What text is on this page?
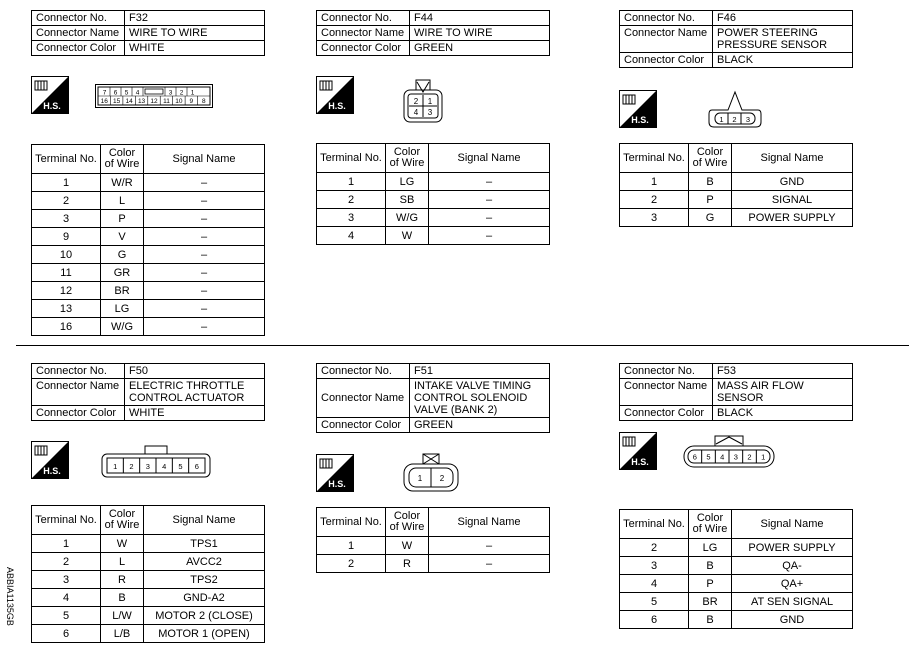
Connector No.	F32
Connector Name	WIRE TO WIRE
Connector Color	WHITE
H.S.
7 6 5 4	3 2 1
16 15 14 13 12 11 10 9 8
Terminal No.	Color of Wire	Signal Name
1	W/R	–
2	L	–
3	P	–
9	V	–
10	G	–
11	GR	–
12	BR	–
13	LG	–
16	W/G	–
Connector No.	F44
Connector Name	WIRE TO WIRE
Connector Color	GREEN
H.S.	2 1
4 3
Terminal No.	Color of Wire	Signal Name
1	LG	–
2	SB	–
3	W/G	–
4	W	–
Connector No.	F46
Connector Name	POWER STEERING
PRESSURE SENSOR
Connector Color	BLACK
H.S.	1 2 3
Terminal No.	Color of Wire	Signal Name
1	B	GND
2	P	SIGNAL
3	G	POWER SUPPLY
Connector No.	F50
Connector Name	ELECTRIC THROTTLE
CONTROL ACTUATOR
Connector Color	WHITE
H.S.	1 2 3 4 5 6
Terminal No.	Color of Wire	Signal Name
1	W	TPS1
2	L	AVCC2
3	R	TPS2
4	B	GND-A2
5	L/W	MOTOR 2 (CLOSE)
6	L/B	MOTOR 1 (OPEN)
Connector No.	F51
Connector Name	INTAKE VALVE TIMING
CONTROL SOLENOID
VALVE (BANK 2)
Connector Color	GREEN
H.S.
1 2
Terminal No.	Color of Wire	Signal Name
1	W	–
2	R	–
Connector No.	F53
Connector Name	MASS AIR FLOW SENSOR
Connector Color	BLACK
H.S.	6 5 4 3 2 1
Terminal No.	Color of Wire	Signal Name
2	LG	POWER SUPPLY
3	B	QA-
4	P	QA+
5	BR	AT SEN SIGNAL
6	B	GND
ABBIA1135GB
